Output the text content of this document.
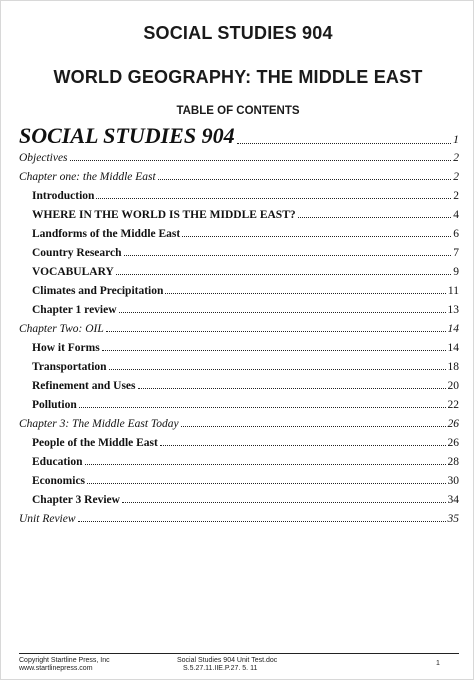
SOCIAL STUDIES 904
WORLD GEOGRAPHY: THE MIDDLE EAST
TABLE OF CONTENTS
SOCIAL STUDIES 904	1
Objectives	2
Chapter one: the Middle East	2
Introduction	2
WHERE IN THE WORLD IS THE MIDDLE EAST?	4
Landforms of the Middle East	6
Country Research	7
VOCABULARY	9
Climates and Precipitation	11
Chapter 1 review	13
Chapter Two: OIL	14
How it Forms	14
Transportation	18
Refinement and Uses	20
Pollution	22
Chapter 3: The Middle East Today	26
People of the Middle East	26
Education	28
Economics	30
Chapter 3 Review	34
Unit Review	35
Copyright Startline Press, Inc
www.startlinepress.com
Social Studies 904 Unit Test.doc
S.5.27.11.IIE.P.27. 5. 11
1
